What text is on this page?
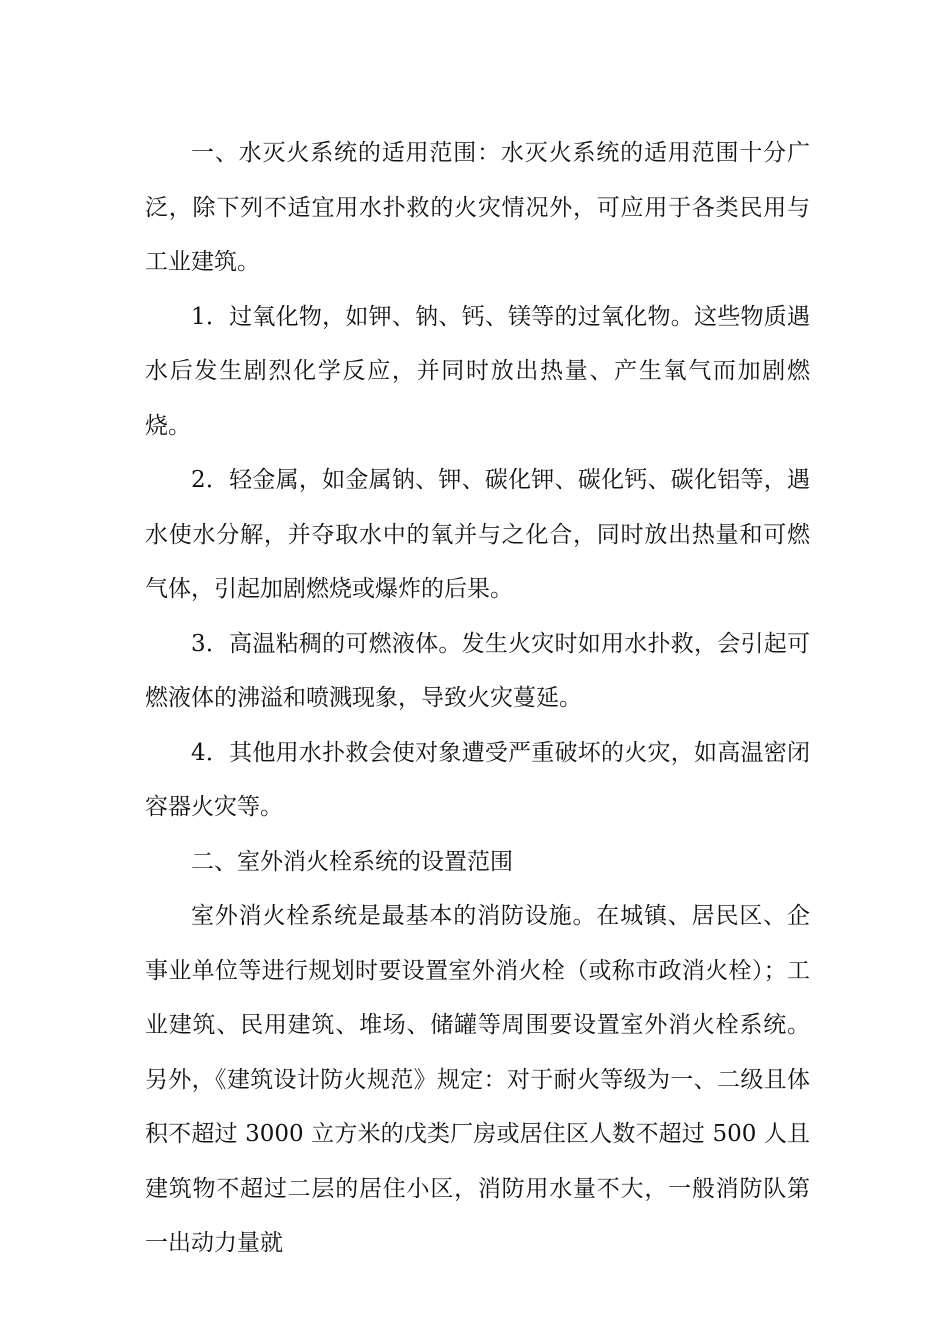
一、水灭火系统的适用范围：水灭火系统的适用范围十分广泛，除下列不适宜用水扑救的火灾情况外，可应用于各类民用与工业建筑。

1．过氧化物，如钾、钠、钙、镁等的过氧化物。这些物质遇水后发生剧烈化学反应，并同时放出热量、产生氧气而加剧燃烧。

2．轻金属，如金属钠、钾、碳化钾、碳化钙、碳化铝等，遇水使水分解，并夺取水中的氧并与之化合，同时放出热量和可燃气体，引起加剧燃烧或爆炸的后果。

3．高温粘稠的可燃液体。发生火灾时如用水扑救，会引起可燃液体的沸溢和喷溅现象，导致火灾蔓延。

4．其他用水扑救会使对象遭受严重破坏的火灾，如高温密闭容器火灾等。

二、室外消火栓系统的设置范围

室外消火栓系统是最基本的消防设施。在城镇、居民区、企事业单位等进行规划时要设置室外消火栓（或称市政消火栓）；工业建筑、民用建筑、堆场、储罐等周围要设置室外消火栓系统。另外，《建筑设计防火规范》规定：对于耐火等级为一、二级且体积不超过 3000 立方米的戊类厂房或居住区人数不超过 500 人且建筑物不超过二层的居住小区，消防用水量不大，一般消防队第一出动力量就
